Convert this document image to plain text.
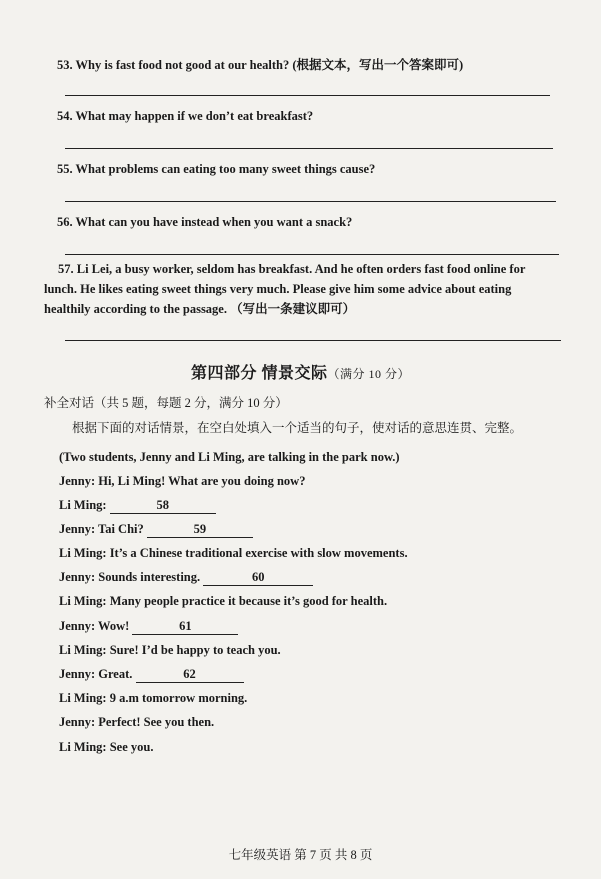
53. Why is fast food not good at our health? (根据文本，写出一个答案即可)
54. What may happen if we don’t eat breakfast?
55. What problems can eating too many sweet things cause?
56. What can you have instead when you want a snack?
57. Li Lei, a busy worker, seldom has breakfast. And he often orders fast food online for lunch. He likes eating sweet things very much. Please give him some advice about eating healthily according to the passage. （写出一条建议即可）
第四部分 情景交际（满分 10 分）
补全对话（共 5 题，每题 2 分，满分 10 分）
根据下面的对话情景，在空白处填入一个适当的句子，使对话的意思连贯、完整。
(Two students, Jenny and Li Ming, are talking in the park now.)
Jenny: Hi, Li Ming! What are you doing now?
Li Ming:	58
Jenny: Tai Chi?	59
Li Ming: It’s a Chinese traditional exercise with slow movements.
Jenny: Sounds interesting.	60
Li Ming: Many people practice it because it’s good for health.
Jenny: Wow!	61
Li Ming: Sure! I’d be happy to teach you.
Jenny: Great.	62
Li Ming: 9 a.m tomorrow morning.
Jenny: Perfect! See you then.
Li Ming: See you.
七年级英语 第 7 页 共 8 页
